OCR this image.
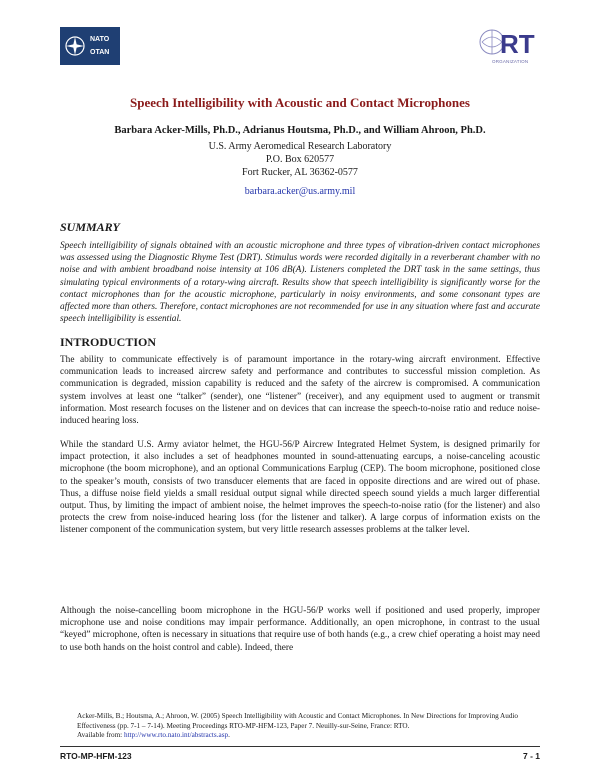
NATO
OTAN	RT
ORGANIZATION
Speech Intelligibility with Acoustic and Contact Microphones
Barbara Acker-Mills, Ph.D., Adrianus Houtsma, Ph.D., and William Ahroon, Ph.D.
U.S. Army Aeromedical Research Laboratory
P.O. Box 620577
Fort Rucker, AL 36362-0577
barbara.acker@us.army.mil
SUMMARY

Speech intelligibility of signals obtained with an acoustic microphone and three types of vibration-driven contact microphones was assessed using the Diagnostic Rhyme Test (DRT). Stimulus words were recorded digitally in a reverberant chamber with no noise and with ambient broadband noise intensity at 106 dB(A). Listeners completed the DRT task in the same settings, thus simulating typical environments of a rotary-wing aircraft. Results show that speech intelligibility is significantly worse for the contact microphones than for the acoustic microphone, particularly in noisy environments, and some consonant types are affected more than others. Therefore, contact microphones are not recommended for use in any situation where fast and accurate speech intelligibility is essential.

INTRODUCTION

The ability to communicate effectively is of paramount importance in the rotary-wing aircraft environment. Effective communication leads to increased aircrew safety and performance and contributes to successful mission completion. As communication is degraded, mission capability is reduced and the safety of the aircrew is compromised. A communication system involves at least one “talker” (sender), one “listener” (receiver), and any equipment used to augment or transmit information. Most research focuses on the listener and on devices that can increase the speech-to-noise ratio and reduce noise-induced hearing loss.

While the standard U.S. Army aviator helmet, the HGU-56/P Aircrew Integrated Helmet System, is designed primarily for impact protection, it also includes a set of headphones mounted in sound-attenuating earcups, a noise-canceling acoustic microphone (the boom microphone), and an optional Communications Earplug (CEP). The boom microphone, positioned close to the speaker’s mouth, consists of two transducer elements that are faced in opposite directions and are wired out of phase. Thus, a diffuse noise field yields a small residual output signal while directed speech sound yields a much larger differential output. Thus, by limiting the impact of ambient noise, the helmet improves the speech-to-noise ratio (for the listener) and also protects the crew from noise-induced hearing loss (for the listener and talker). A large corpus of information exists on the listener component of the communication system, but very little research assesses problems at the talker level.

Although the noise-cancelling boom microphone in the HGU-56/P works well if positioned and used properly, improper microphone use and noise conditions may impair performance. Additionally, an open microphone, in contrast to the usual “keyed” microphone, often is necessary in situations that require use of both hands (e.g., a crew chief operating a hoist may need to use both hands on the hoist control and cable). Indeed, there

Acker-Mills, B.; Houtsma, A.; Ahroon, W. (2005) Speech Intelligibility with Acoustic and Contact Microphones. In New Directions for Improving Audio Effectiveness (pp. 7-1 – 7-14). Meeting Proceedings RTO-MP-HFM-123, Paper 7. Neuilly-sur-Seine, France: RTO.
Available from: http://www.rto.nato.int/abstracts.asp.
RTO-MP-HFM-123	7 - 1
